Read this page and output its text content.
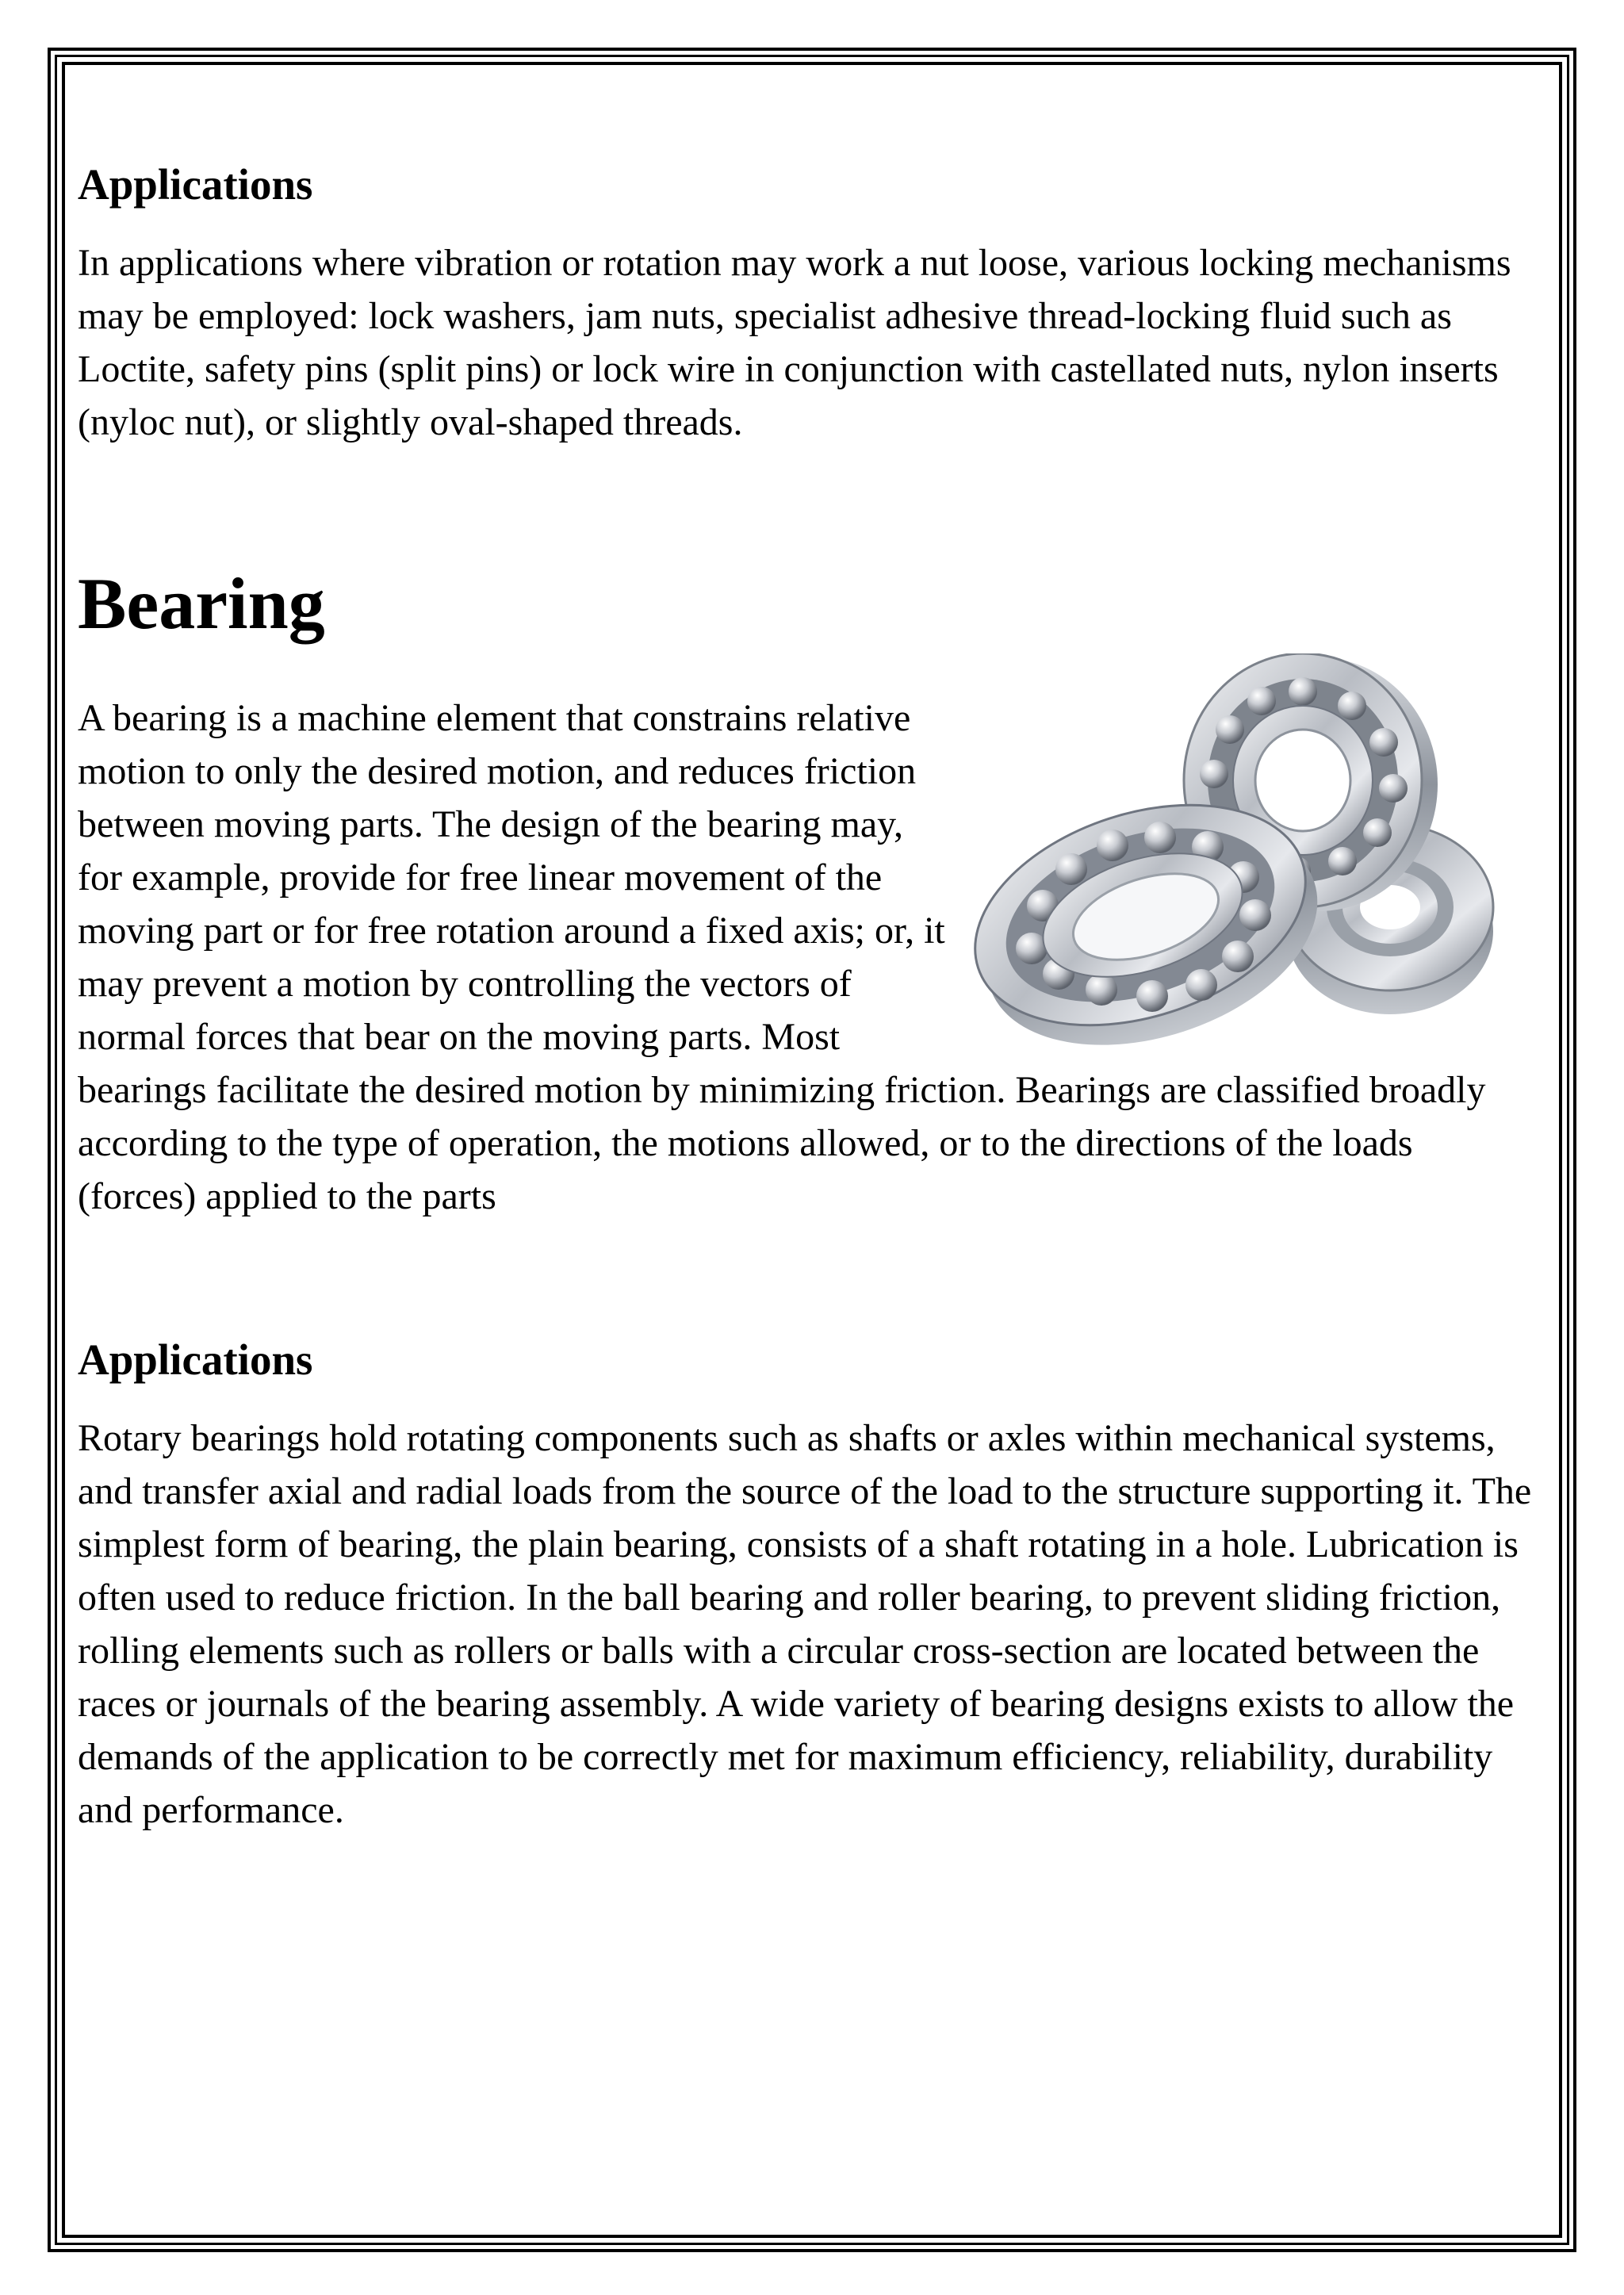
Applications

In applications where vibration or rotation may work a nut loose, various locking mechanisms may be employed: lock washers, jam nuts, specialist adhesive thread-locking fluid such as Loctite, safety pins (split pins) or lock wire in conjunction with castellated nuts, nylon inserts (nyloc nut), or slightly oval-shaped threads.

Bearing

A bearing is a machine element that constrains relative motion to only the desired motion, and reduces friction between moving parts. The design of the bearing may, for example, provide for free linear movement of the moving part or for free rotation around a fixed axis; or, it may prevent a motion by controlling the vectors of normal forces that bear on the moving parts. Most bearings facilitate the desired motion by minimizing friction. Bearings are classified broadly according to the type of operation, the motions allowed, or to the directions of the loads (forces) applied to the parts

Applications

Rotary bearings hold rotating components such as shafts or axles within mechanical systems, and transfer axial and radial loads from the source of the load to the structure supporting it. The simplest form of bearing, the plain bearing, consists of a shaft rotating in a hole. Lubrication is often used to reduce friction. In the ball bearing and roller bearing, to prevent sliding friction, rolling elements such as rollers or balls with a circular cross-section are located between the races or journals of the bearing assembly. A wide variety of bearing designs exists to allow the demands of the application to be correctly met for maximum efficiency, reliability, durability and performance.
